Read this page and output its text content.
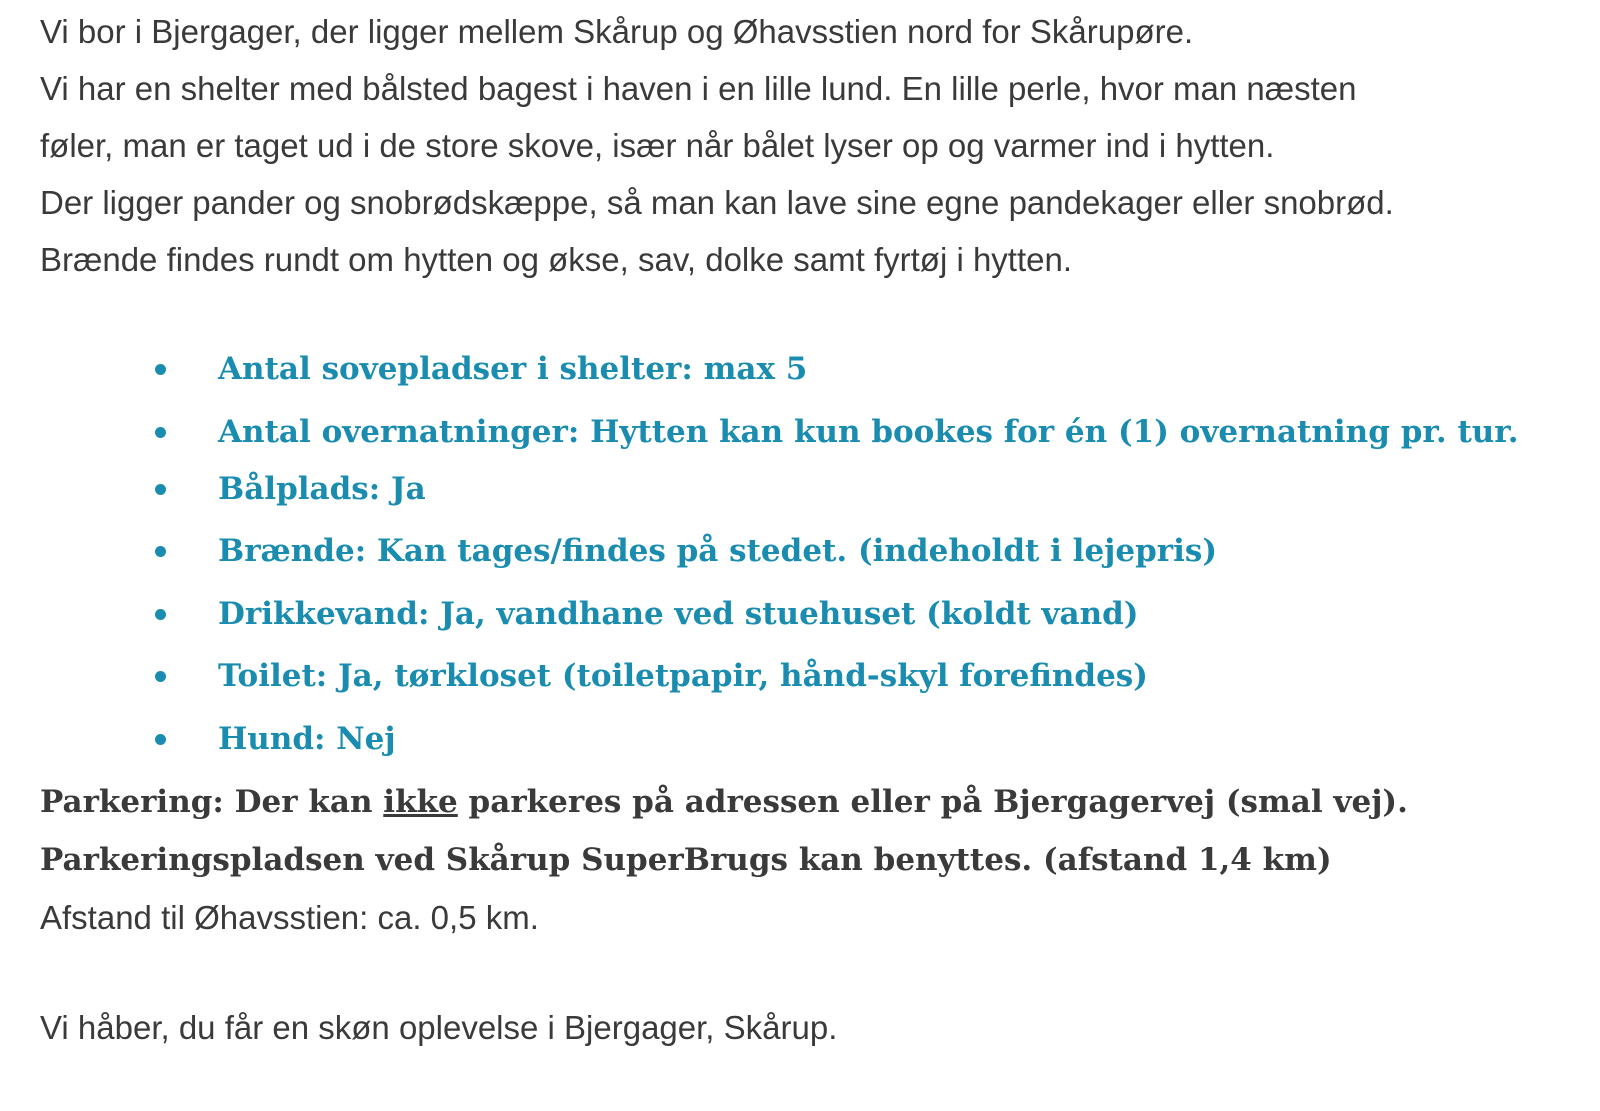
Vi bor i Bjergager, der ligger mellem Skårup og Øhavsstien nord for Skårupøre.
Vi har en shelter med bålsted bagest i haven i en lille lund. En lille perle, hvor man næsten
føler, man er taget ud i de store skove, især når bålet lyser op og varmer ind i hytten.
Der ligger pander og snobrødskæppe, så man kan lave sine egne pandekager eller snobrød.
Brænde findes rundt om hytten og økse, sav, dolke samt fyrtøj i hytten.
Antal sovepladser i shelter: max 5
Antal overnatninger: Hytten kan kun bookes for én (1) overnatning pr. tur.
Bålplads: Ja
Brænde: Kan tages/findes på stedet. (indeholdt i lejepris)
Drikkevand: Ja, vandhane ved stuehuset (koldt vand)
Toilet: Ja, tørkloset (toiletpapir, hånd-skyl forefindes)
Hund: Nej
Parkering: Der kan ikke parkeres på adressen eller på Bjergagervej (smal vej).
Parkeringspladsen ved Skårup SuperBrugs kan benyttes. (afstand 1,4 km)
Afstand til Øhavsstien: ca. 0,5 km.
Vi håber, du får en skøn oplevelse i Bjergager, Skårup.
